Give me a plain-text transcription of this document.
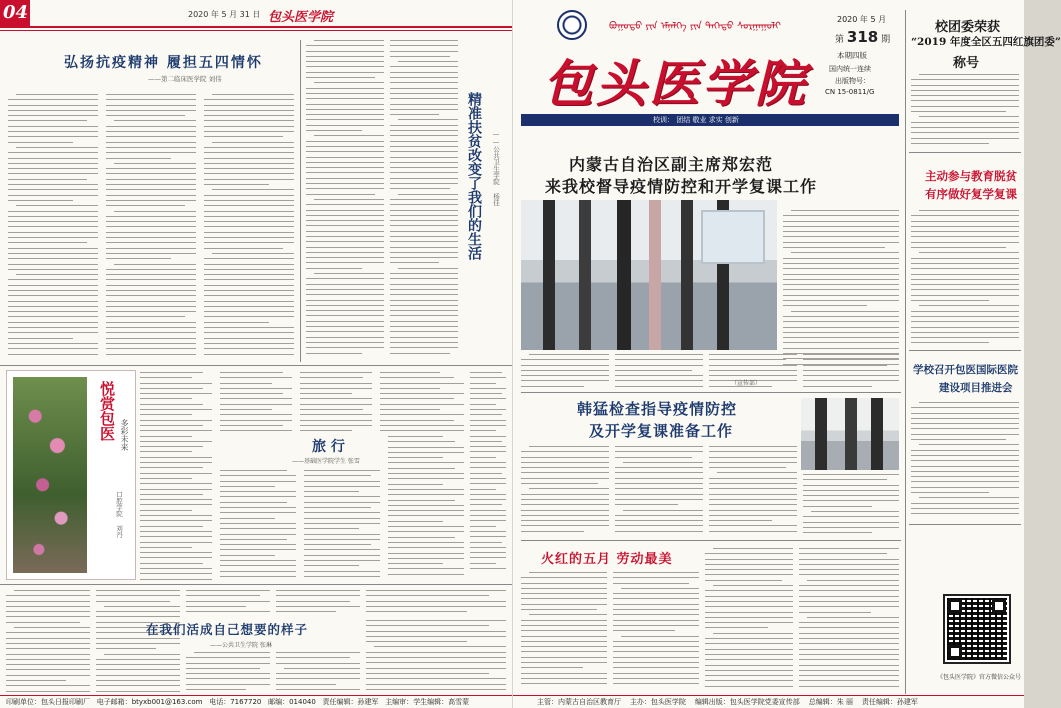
04	2020 年 5 月 31 日 包头医学院
弘扬抗疫精神 履担五四情怀
——第二临床医学院 刘伟
精准扶贫改变了我们的生活 ——公共卫生学院 杨佳
悦赏包医 多彩未来
口腔学院 刘丹
旅 行
——基础医学院学生 张雪
在我们活成自己想要的样子
——公共卫生学院 张琳
印刷单位：包头日报印刷厂 电子邮箱：btyxb001@163.com 电话：7167720 邮编：014040 责任编辑：孙建军 主编审：学生编辑：高雪蒙
ᠪᠤᠭᠤᠲᠤ ᠶᠢᠨ ᠡᠮᠨᠡᠯᠭᠡ ᠶᠢᠨ ᠳᠡᠭᠡᠳᠦ ᠰᠤᠷᠭᠠᠭᠤᠯᠢ
包头医学院
2020 年 5 月
第 318 期
本期四版
国内统一连续
出版物号：
CN 15-0811/G
校训： 团结 敬业 求实 创新
内蒙古自治区副主席郑宏范
来我校督导疫情防控和开学复课工作
（宣传部）
韩猛检查指导疫情防控
及开学复课准备工作
火红的五月 劳动最美
校团委荣获
“2019 年度全区五四红旗团委”
称号
主动参与教育脱贫
有序做好复学复课
学校召开包医国际医院
建设项目推进会
《包头医学院》官方微信公众号
主管：内蒙古自治区教育厅 主办：包头医学院 编辑出版：包头医学院党委宣传部 总编辑：朱 丽 责任编辑：孙建军
